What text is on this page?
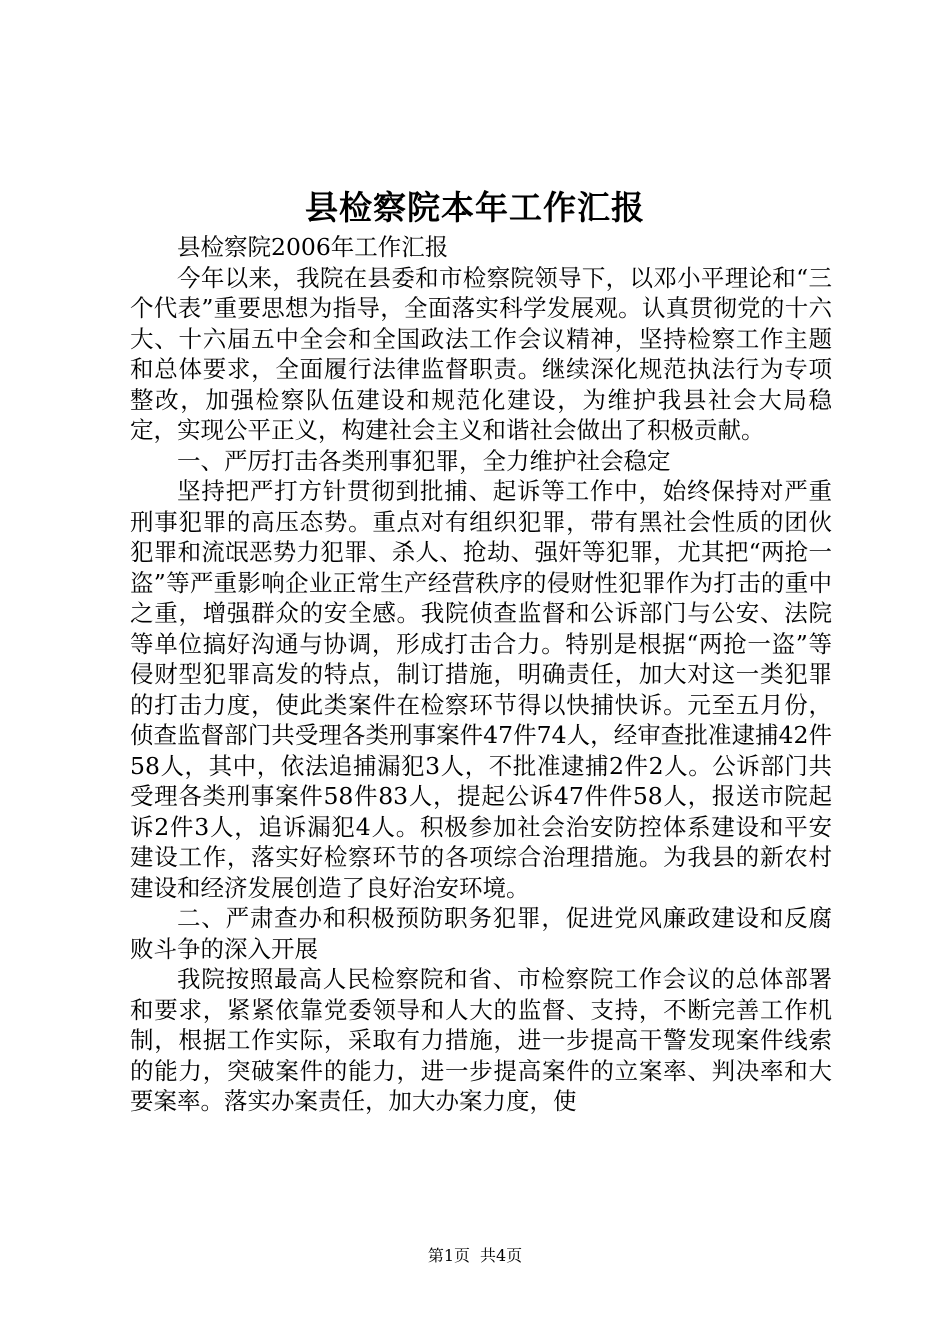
县检察院本年工作汇报

县检察院2006年工作汇报

今年以来，我院在县委和市检察院领导下，以邓小平理论和“三个代表”重要思想为指导，全面落实科学发展观。认真贯彻党的十六大、十六届五中全会和全国政法工作会议精神，坚持检察工作主题和总体要求，全面履行法律监督职责。继续深化规范执法行为专项整改，加强检察队伍建设和规范化建设，为维护我县社会大局稳定，实现公平正义，构建社会主义和谐社会做出了积极贡献。

一、严厉打击各类刑事犯罪，全力维护社会稳定

坚持把严打方针贯彻到批捕、起诉等工作中，始终保持对严重刑事犯罪的高压态势。重点对有组织犯罪，带有黑社会性质的团伙犯罪和流氓恶势力犯罪、杀人、抢劫、强奸等犯罪，尤其把“两抢一盗”等严重影响企业正常生产经营秩序的侵财性犯罪作为打击的重中之重，增强群众的安全感。我院侦查监督和公诉部门与公安、法院等单位搞好沟通与协调，形成打击合力。特别是根据“两抢一盗”等侵财型犯罪高发的特点，制订措施，明确责任，加大对这一类犯罪的打击力度，使此类案件在检察环节得以快捕快诉。元至五月份，侦查监督部门共受理各类刑事案件47件74人，经审查批准逮捕42件58人，其中，依法追捕漏犯3人，不批准逮捕2件2人。公诉部门共受理各类刑事案件58件83人，提起公诉47件件58人，报送市院起诉2件3人，追诉漏犯4人。积极参加社会治安防控体系建设和平安建设工作，落实好检察环节的各项综合治理措施。为我县的新农村建设和经济发展创造了良好治安环境。

二、严肃查办和积极预防职务犯罪，促进党风廉政建设和反腐败斗争的深入开展

我院按照最高人民检察院和省、市检察院工作会议的总体部署和要求，紧紧依靠党委领导和人大的监督、支持，不断完善工作机制，根据工作实际，采取有力措施，进一步提高干警发现案件线索的能力，突破案件的能力，进一步提高案件的立案率、判决率和大要案率。落实办案责任，加大办案力度，使

第1页 共4页
